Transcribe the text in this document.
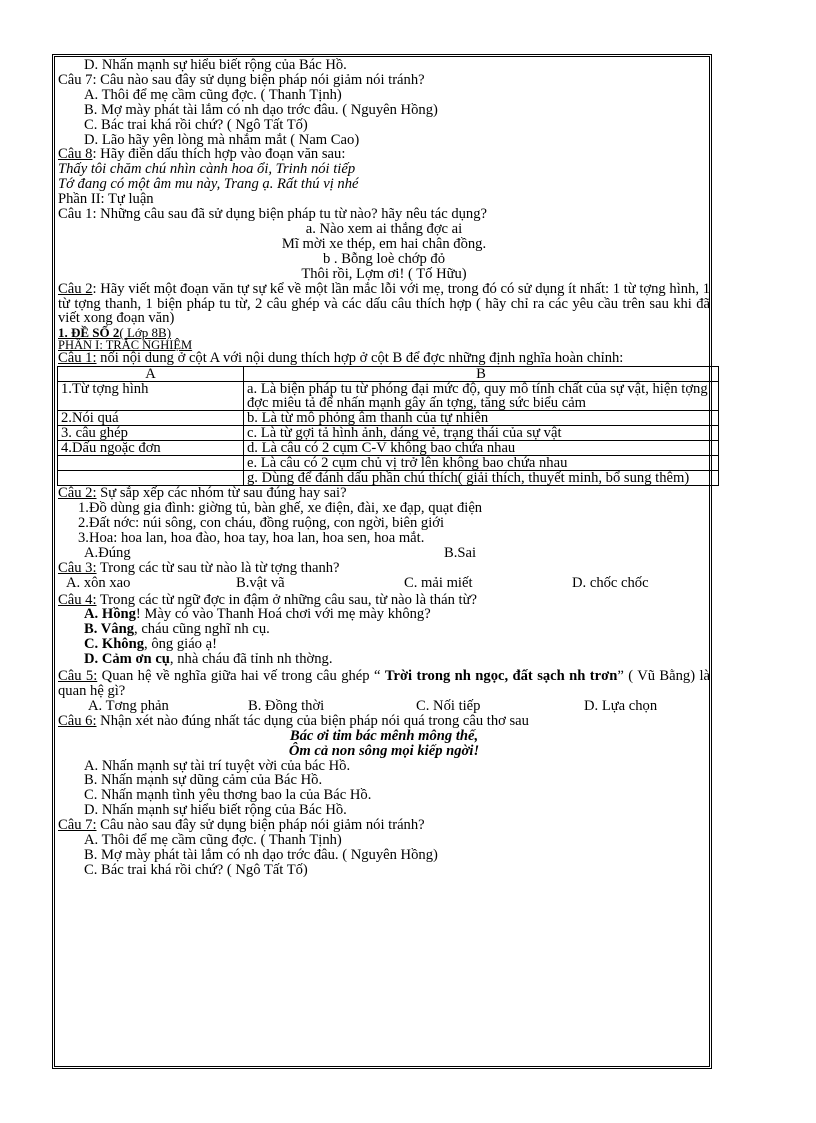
D. Nhấn mạnh sự hiểu biết rộng của Bác Hồ.
Câu 7: Câu nào sau đây sử dụng biện pháp nói giảm nói tránh?
A. Thôi để mẹ cầm cũng đợc. ( Thanh Tịnh)
B. Mợ mày phát tài lắm có nh dạo trớc đâu. ( Nguyên Hồng)
C. Bác trai khá rồi chứ? ( Ngô Tất Tố)
D. Lão hãy yên lòng mà nhắm mắt ( Nam Cao)
Câu 8: Hãy điền dấu thích hợp vào đoạn văn sau:
Thấy tôi chăm chú nhìn cành hoa ổi, Trinh nói tiếp
Tớ đang có một âm mu này, Trang ạ. Rất thú vị nhé
Phần II: Tự luận
Câu 1: Những câu sau đã sử dụng biện pháp tu từ nào? hãy nêu tác dụng?
a. Nào xem ai thắng đợc ai
Mĩ mời xe thép, em hai chân đồng.
b . Bỗng loè chớp đỏ
Thôi rồi, Lợm ơi! ( Tố Hữu)
Câu 2: Hãy viết một đoạn văn tự sự kể về một lần mắc lỗi với mẹ, trong đó có sử dụng ít nhất: 1 từ tợng hình, 1 từ tợng thanh, 1 biện pháp tu từ, 2 câu ghép và các dấu câu thích hợp ( hãy chỉ ra các yêu cầu trên sau khi đã viết xong đoạn văn)
1. ĐỀ SỐ 2( Lớp 8B)
PHẦN I: TRẮC NGHIỆM
Câu 1: nối nội dung ở cột A với nội dung thích hợp ở cột B để đợc những định nghĩa hoàn chỉnh:
A	B
1.Từ tợng hình	a. Là biện pháp tu từ phóng đại mức độ, quy mô tính chất của sự vật, hiện tợng đợc miêu tả để nhấn mạnh gây ấn tợng, tăng sức biểu cảm
2.Nói quá	b. Là từ mô phỏng âm thanh của tự nhiên
3. câu ghép	c. Là từ gợi tả hình ảnh, dáng vẻ, trạng thái của sự vật
4.Dấu ngoặc đơn	d. Là câu có 2 cụm C-V không bao chứa nhau
	e. Là câu có 2 cụm chủ vị trở lên không bao chứa nhau
	g. Dùng để đánh dấu phần chú thích( giải thích, thuyết minh, bổ sung thêm)
Câu 2: Sự sắp xếp các nhóm từ sau đúng hay sai?
1.Đồ dùng gia đình: giờng tủ, bàn ghế, xe điện, đài, xe đạp, quạt điện
2.Đất nớc: núi sông, con cháu, đồng ruộng, con ngời, biên giới
3.Hoa: hoa lan, hoa đào, hoa tay, hoa lan, hoa sen, hoa mắt.
A.Đúng	B.Sai
Câu 3: Trong các từ sau từ nào là từ tợng thanh?
A. xôn xao	B.vật vã	C. mải miết	D. chốc chốc
Câu 4: Trong các từ ngữ đợc in đậm ở những câu sau, từ nào là thán từ?
A. Hồng! Mày có vào Thanh Hoá chơi với mẹ mày không?
B. Vâng, cháu cũng nghĩ nh cụ.
C. Không, ông giáo ạ!
D. Cảm ơn cụ, nhà cháu đã tỉnh nh thờng.
Câu 5: Quan hệ về nghĩa giữa hai vế trong câu ghép “ Trời trong nh ngọc, đất sạch nh trơn” ( Vũ Bằng) là quan hệ gì?
A. Tơng phản	B. Đồng thời	C. Nối tiếp	D. Lựa chọn
Câu 6: Nhận xét nào đúng nhất tác dụng của biện pháp nói quá trong câu thơ sau
Bác ơi tim bác mênh mông thế,
Ôm cả non sông mọi kiếp ngời!
A. Nhấn mạnh sự tài trí tuyệt vời của bác Hồ.
B. Nhấn mạnh sự dũng cảm của Bác Hồ.
C. Nhấn mạnh tình yêu thơng bao la của Bác Hồ.
D. Nhấn mạnh sự hiểu biết rộng của Bác Hồ.
Câu 7: Câu nào sau đây sử dụng biện pháp nói giảm nói tránh?
A. Thôi để mẹ cầm cũng đợc. ( Thanh Tịnh)
B. Mợ mày phát tài lắm có nh dạo trớc đâu. ( Nguyên Hồng)
C. Bác trai khá rồi chứ? ( Ngô Tất Tố)
